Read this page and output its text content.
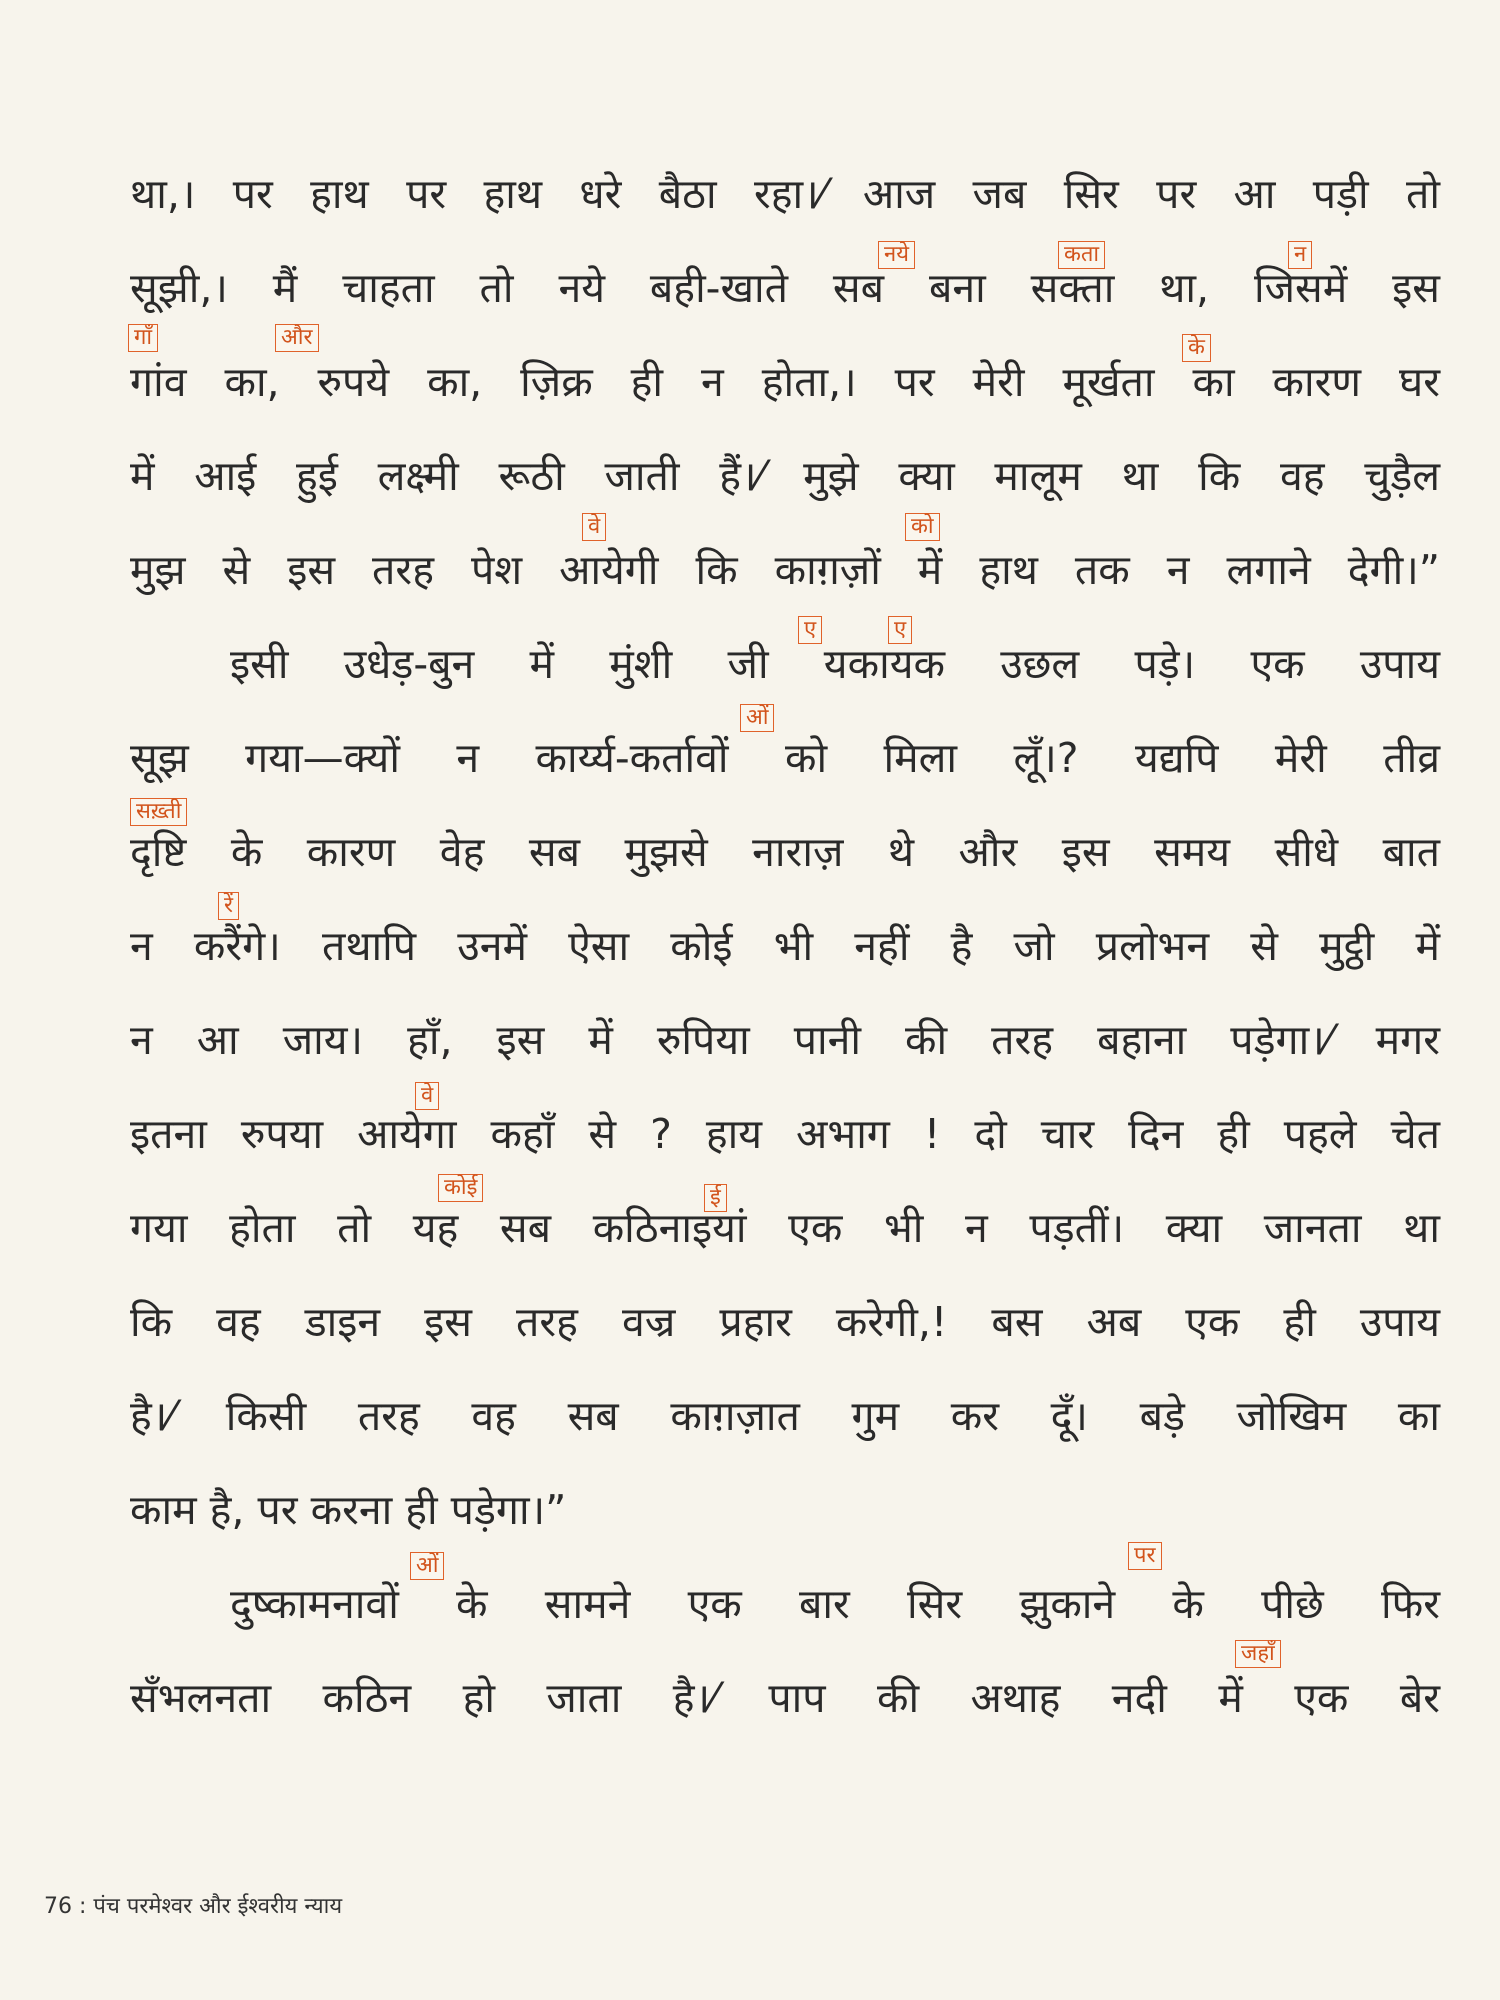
था,। पर हाथ पर हाथ धरे बैठा रहा।⁄ आज जब सिर पर आ पड़ी तो
सूझी,। मैं चाहता तो नये बही-खाते सब बना सक्ता था, जिसमें इस
गांव का, रुपये का, ज़िक्र ही न होता,। पर मेरी मूर्खता का कारण घर
में आई हुई लक्ष्मी रूठी जाती हैं।⁄ मुझे क्या मालूम था कि वह चुड़ैल
मुझ से इस तरह पेश आयेगी कि काग़ज़ों में हाथ तक न लगाने देगी।”
इसी उधेड़-बुन में मुंशी जी यकायक उछल पड़े। एक उपाय
सूझ गया—क्यों न कार्य्य-कर्तावों को मिला लूँ।? यद्यपि मेरी तीव्र
दृष्टि के कारण वेह सब मुझसे नाराज़ थे और इस समय सीधे बात
न करैंगे। तथापि उनमें ऐसा कोई भी नहीं है जो प्रलोभन से मुट्ठी में
न आ जाय। हाँ, इस में रुपिया पानी की तरह बहाना पड़ेगा।⁄ मगर
इतना रुपया आयेगा कहाँ से ? हाय अभाग ! दो चार दिन ही पहले चेत
गया होता तो यह सब कठिनाइयां एक भी न पड़तीं। क्या जानता था
कि वह डाइन इस तरह वज्र प्रहार करेगी,! बस अब एक ही उपाय
है।⁄ किसी तरह वह सब काग़ज़ात गुम कर दूँ। बड़े जोखिम का
काम है, पर करना ही पड़ेगा।”
दुष्कामनावों के सामने एक बार सिर झुकाने के पीछे फिर
सँभलनता कठिन हो जाता है।⁄ पाप की अथाह नदी में एक बेर
नये	कता	न
गाँ	और	के
वे	को
ए	ए
ओं
सख़्ती
रें
वे
कोई	ई
ओं	पर
जहाँ
76 : पंच परमेश्वर और ईश्वरीय न्याय
